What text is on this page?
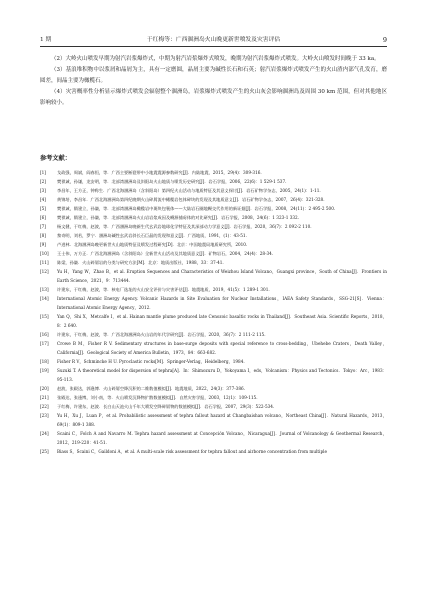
1 期	于红梅等：广西涠洲岛火山晚更新世喷发及灾害评估	9

（2）大岭火山喷发早期为射汽岩浆爆炸式，中期为射汽岩浆爆炸式喷发，晚期为射汽岩浆爆炸式喷发。大岭火山喷发时间晚于 33 ka。

（3）基浪堆积物中以浆屑和晶屑为主，具有一定磨圆，晶屑主要为碱性长石和石英；射汽岩浆爆炸式喷发产生的火山渣内部气孔发育，磨圆差，间晶主要为橄榄石。

（4）灾害概率性分析显示爆炸式喷发会辐射整个涠洲岛，岩浆爆炸式喷发产生的火山灰会影响涠洲岛及周围 30 km 范围，但对其他地区影响较小。

参考文献：
[1]	戈政强，周斌，阎春恒，等．广西主要断裂带中小地震震源参数研究[J]．内陆地震，2015，29(4)：309-316.
[2]	樊祺诚，孙谦，龙安明，等．北部湾涠洲岛及斜阳岛火山地质与喷发历史研究[J]．岩石学报，2006，22(6)：1 529-1 537.
[3]	李昌年，王方正，钟称生．广西北海涠洲岛（含斜阳岛）第四纪火山活动与地质特征及其意义探讨[J]．岩石矿物学杂志，2005，24(1)：1-11.
[4]	黄锦培，李昌年．广西北海涠洲岛第四纪晚期火山碎屑流中橄榄岩包体碎块的发现及其地质意义[J]．岩石矿物学杂志，2007，26(4)：321-328.
[5]	樊祺诚，隋建立，孙谦，等．北部湾涠洲岛橄榄岩中斑块包裹体——大陆岩石圈地幔交代作用的新证据[J]．岩石学报，2008，24(11)：2 495-2 500.
[6]	樊祺诚，隋建立，孙谦，等．北部湾涠洲岛火山岩岩浆成因及幔源捕虏体的对比研究[J]．岩石学报，2008，24(6)：1 323-1 332.
[7]	杨文健，于红梅，赵波，等．广西涠洲岛晚新生代玄武岩地球化学特征及其深部动力学意义[J]．岩石学报，2020，36(7)：2 092-2 110.
[8]	黎奇明，刘若，罗宁．涠洲岛碱性玄武岩斜长石巨晶的发现和意义[J]．广西地质，1991，(1)：43-51.
[9]	卢进林．北海涠洲岛晚更新世火山地质特征及喷发过程研究[D]．北京：中国地震局地质研究所，2010.
[10]	王士伟，万方正．广西北海涠洲岛（含斜阳岛）全新世火山活动及其地质意义[J]．矿物岩石，2004，24(4)：28-34.
[11]	陈梁，孙谦．火山碎屑岩的分类与研究方法[M]．北京：地质出版社，1988，33：37-41.
[12]	Yu H，Yang W，Zhao B，et al. Eruption Sequences and Characteristics of Weizhou Island Volcano，Guangxi province，South of China[J]．Frontiers in Earth Science，2021，9：713444.
[13]	许建东，于红梅，赵波，等．核电厂选址的火山安全评价与灾害评估[J]．地震地质，2019，41(5)：1 289-1 301.
[14]	International Atomic Energy Agency. Volcanic Hazards in Site Evaluation for Nuclear Installations，IAEA Safety Standards，SSG-21[S]．Vienna：International Atomic Energy Agency，2012.
[15]	Yan Q，Shi X，Metcalfe I，et al. Hainan mantle plume produced late Cenozoic basaltic rocks in Thailand[J]．Southeast Asia. Scientific Reports，2018，8：2 640.
[16]	许建东，于红梅，赵波，等．广西北海涠洲岛火山岩的年代学研究[J]．岩石学报，2020，36(7)：2 111-2 115.
[17]	Crowe B M，Fisher R V. Sedimentary structures in base-surge deposits with special reference to cross-bedding，Ubehebe Craters，Death Valley，California[J]．Geological Society of America Bulletin，1973，84：663-682.
[18]	Fisher R V，Schmincke H U. Pyroclastic rocks[M]．Springer-Verlag，Heidelberg，1984.
[19]	Suzuki T. A theoretical model for dispersion of tephra[A]．In：Shimozuru D，Yokoyama I，eds，Volcanism：Physics and Tectonics．Tokyo：Arc，1983：95-113.
[20]	赵波，张殿达，郭逢博．火山碎屑空降沉积的二维数值模拟[J]．地震地质，2022，24(3)：377-386.
[21]	张殿达，张逢博，刘小南，等．火山喷发沉降物扩散数值模拟[J]．自然灾害学报，2003，12(1)：109-115.
[22]	于红梅，许建东，赵波．长白山天池火山千年大喷发空降碎屑物的数值模拟[J]．岩石学报，2007，29(3)：522-534.
[23]	Yu H，Xu J，Luan P，et al. Probabilistic assessment of tephra fallout hazard at Changbaishan volcano，Northeast China[J]．Natural Hazards，2013，69(1)：809-1 388.
[24]	Scaini C，Folch A and Navarro M. Tephra hazard assessment at Concepción Volcano，Nicaragua[J]．Journal of Volcanology & Geothermal Research，2012，219-220：41-51.
[25]	Biass S，Scaini C，Gaildoni A，et al. A multi-scale risk assessment for tephra fallout and airborne concentration from multiple
